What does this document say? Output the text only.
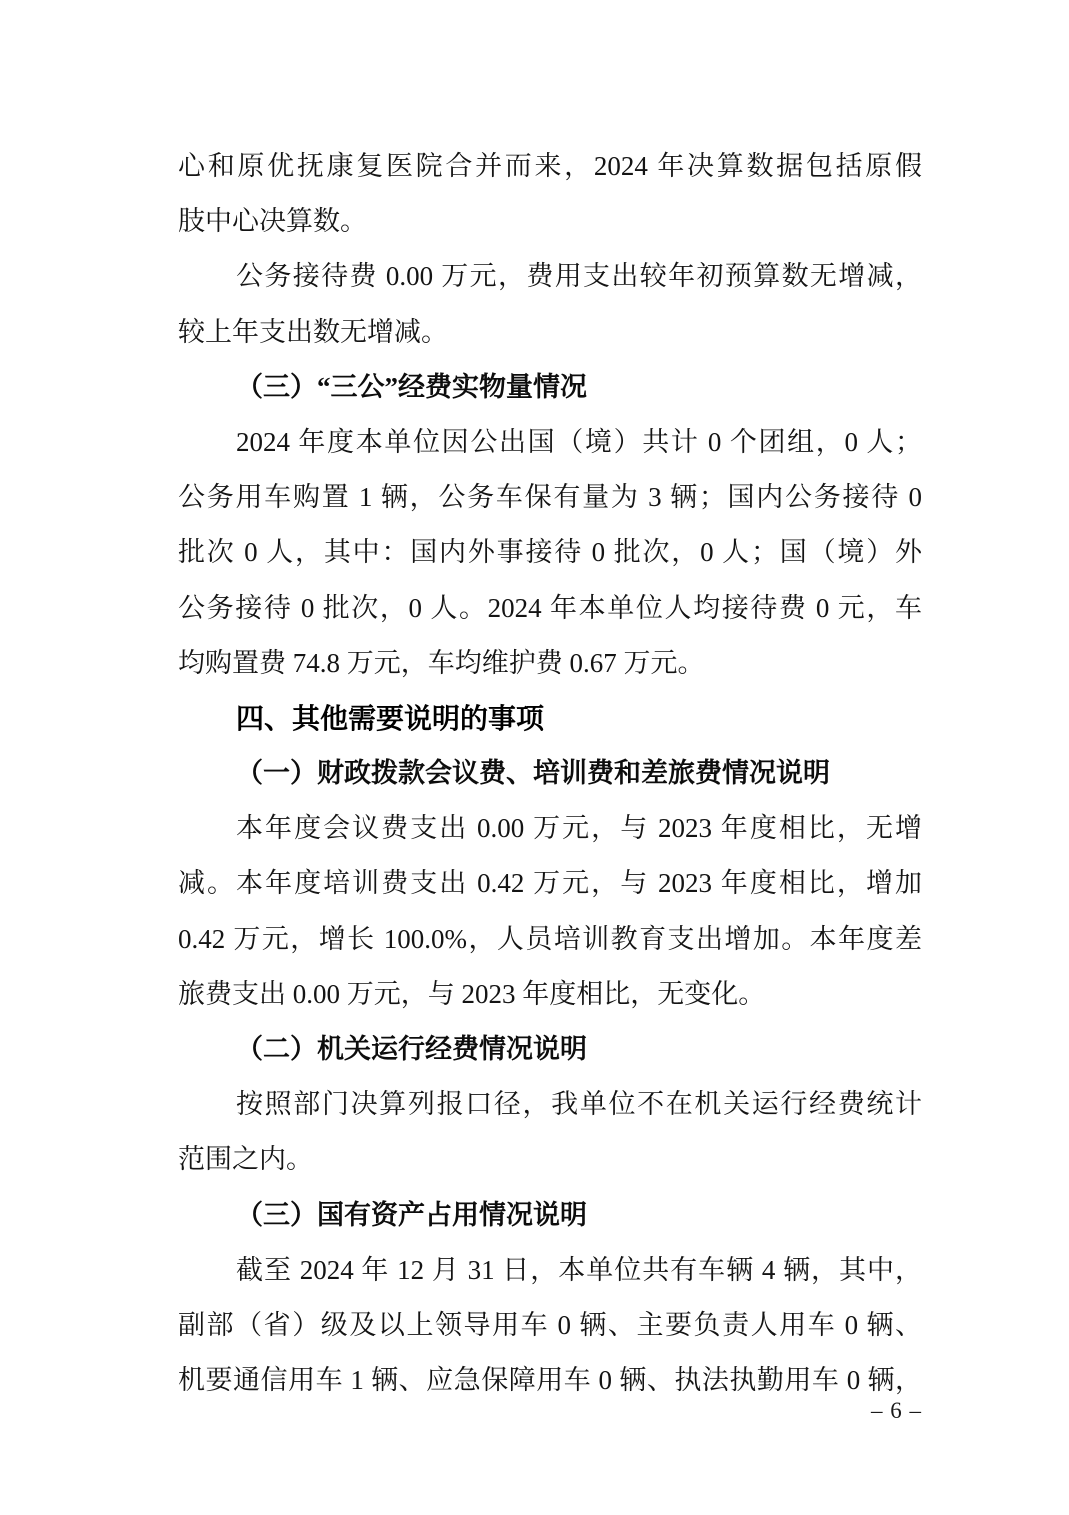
心和原优抚康复医院合并而来，2024 年决算数据包括原假
肢中心决算数。
公务接待费 0.00 万元，费用支出较年初预算数无增减，
较上年支出数无增减。
（三）“三公”经费实物量情况
2024 年度本单位因公出国（境）共计 0 个团组，0 人；
公务用车购置 1 辆，公务车保有量为 3 辆；国内公务接待 0
批次 0 人，其中：国内外事接待 0 批次，0 人；国（境）外
公务接待 0 批次，0 人。2024 年本单位人均接待费 0 元，车
均购置费 74.8 万元，车均维护费 0.67 万元。
四、其他需要说明的事项
（一）财政拨款会议费、培训费和差旅费情况说明
本年度会议费支出 0.00 万元，与 2023 年度相比，无增
减。本年度培训费支出 0.42 万元，与 2023 年度相比，增加
0.42 万元，增长 100.0%，人员培训教育支出增加。本年度差
旅费支出 0.00 万元，与 2023 年度相比，无变化。
（二）机关运行经费情况说明
按照部门决算列报口径，我单位不在机关运行经费统计
范围之内。
（三）国有资产占用情况说明
截至 2024 年 12 月 31 日，本单位共有车辆 4 辆，其中，
副部（省）级及以上领导用车 0 辆、主要负责人用车 0 辆、
机要通信用车 1 辆、应急保障用车 0 辆、执法执勤用车 0 辆，
– 6 –
